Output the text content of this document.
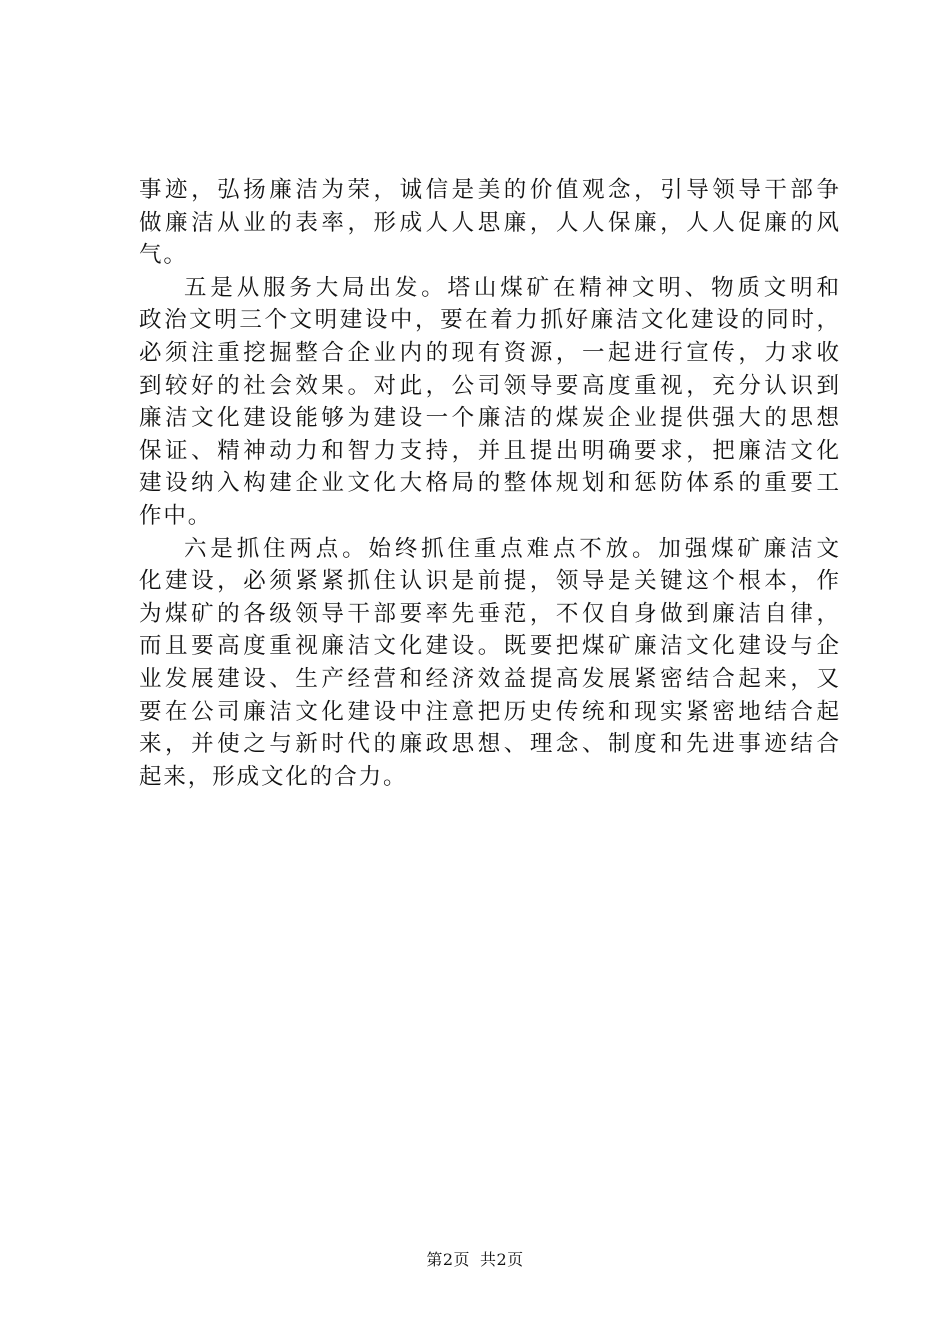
事迹，弘扬廉洁为荣，诚信是美的价值观念，引导领导干部争
做廉洁从业的表率，形成人人思廉，人人保廉，人人促廉的风
气。
五是从服务大局出发。塔山煤矿在精神文明、物质文明和
政治文明三个文明建设中，要在着力抓好廉洁文化建设的同时，
必须注重挖掘整合企业内的现有资源，一起进行宣传，力求收
到较好的社会效果。对此，公司领导要高度重视，充分认识到
廉洁文化建设能够为建设一个廉洁的煤炭企业提供强大的思想
保证、精神动力和智力支持，并且提出明确要求，把廉洁文化
建设纳入构建企业文化大格局的整体规划和惩防体系的重要工
作中。
六是抓住两点。始终抓住重点难点不放。加强煤矿廉洁文
化建设，必须紧紧抓住认识是前提，领导是关键这个根本，作
为煤矿的各级领导干部要率先垂范，不仅自身做到廉洁自律，
而且要高度重视廉洁文化建设。既要把煤矿廉洁文化建设与企
业发展建设、生产经营和经济效益提高发展紧密结合起来，又
要在公司廉洁文化建设中注意把历史传统和现实紧密地结合起
来，并使之与新时代的廉政思想、理念、制度和先进事迹结合
起来，形成文化的合力。
第2页 共2页
